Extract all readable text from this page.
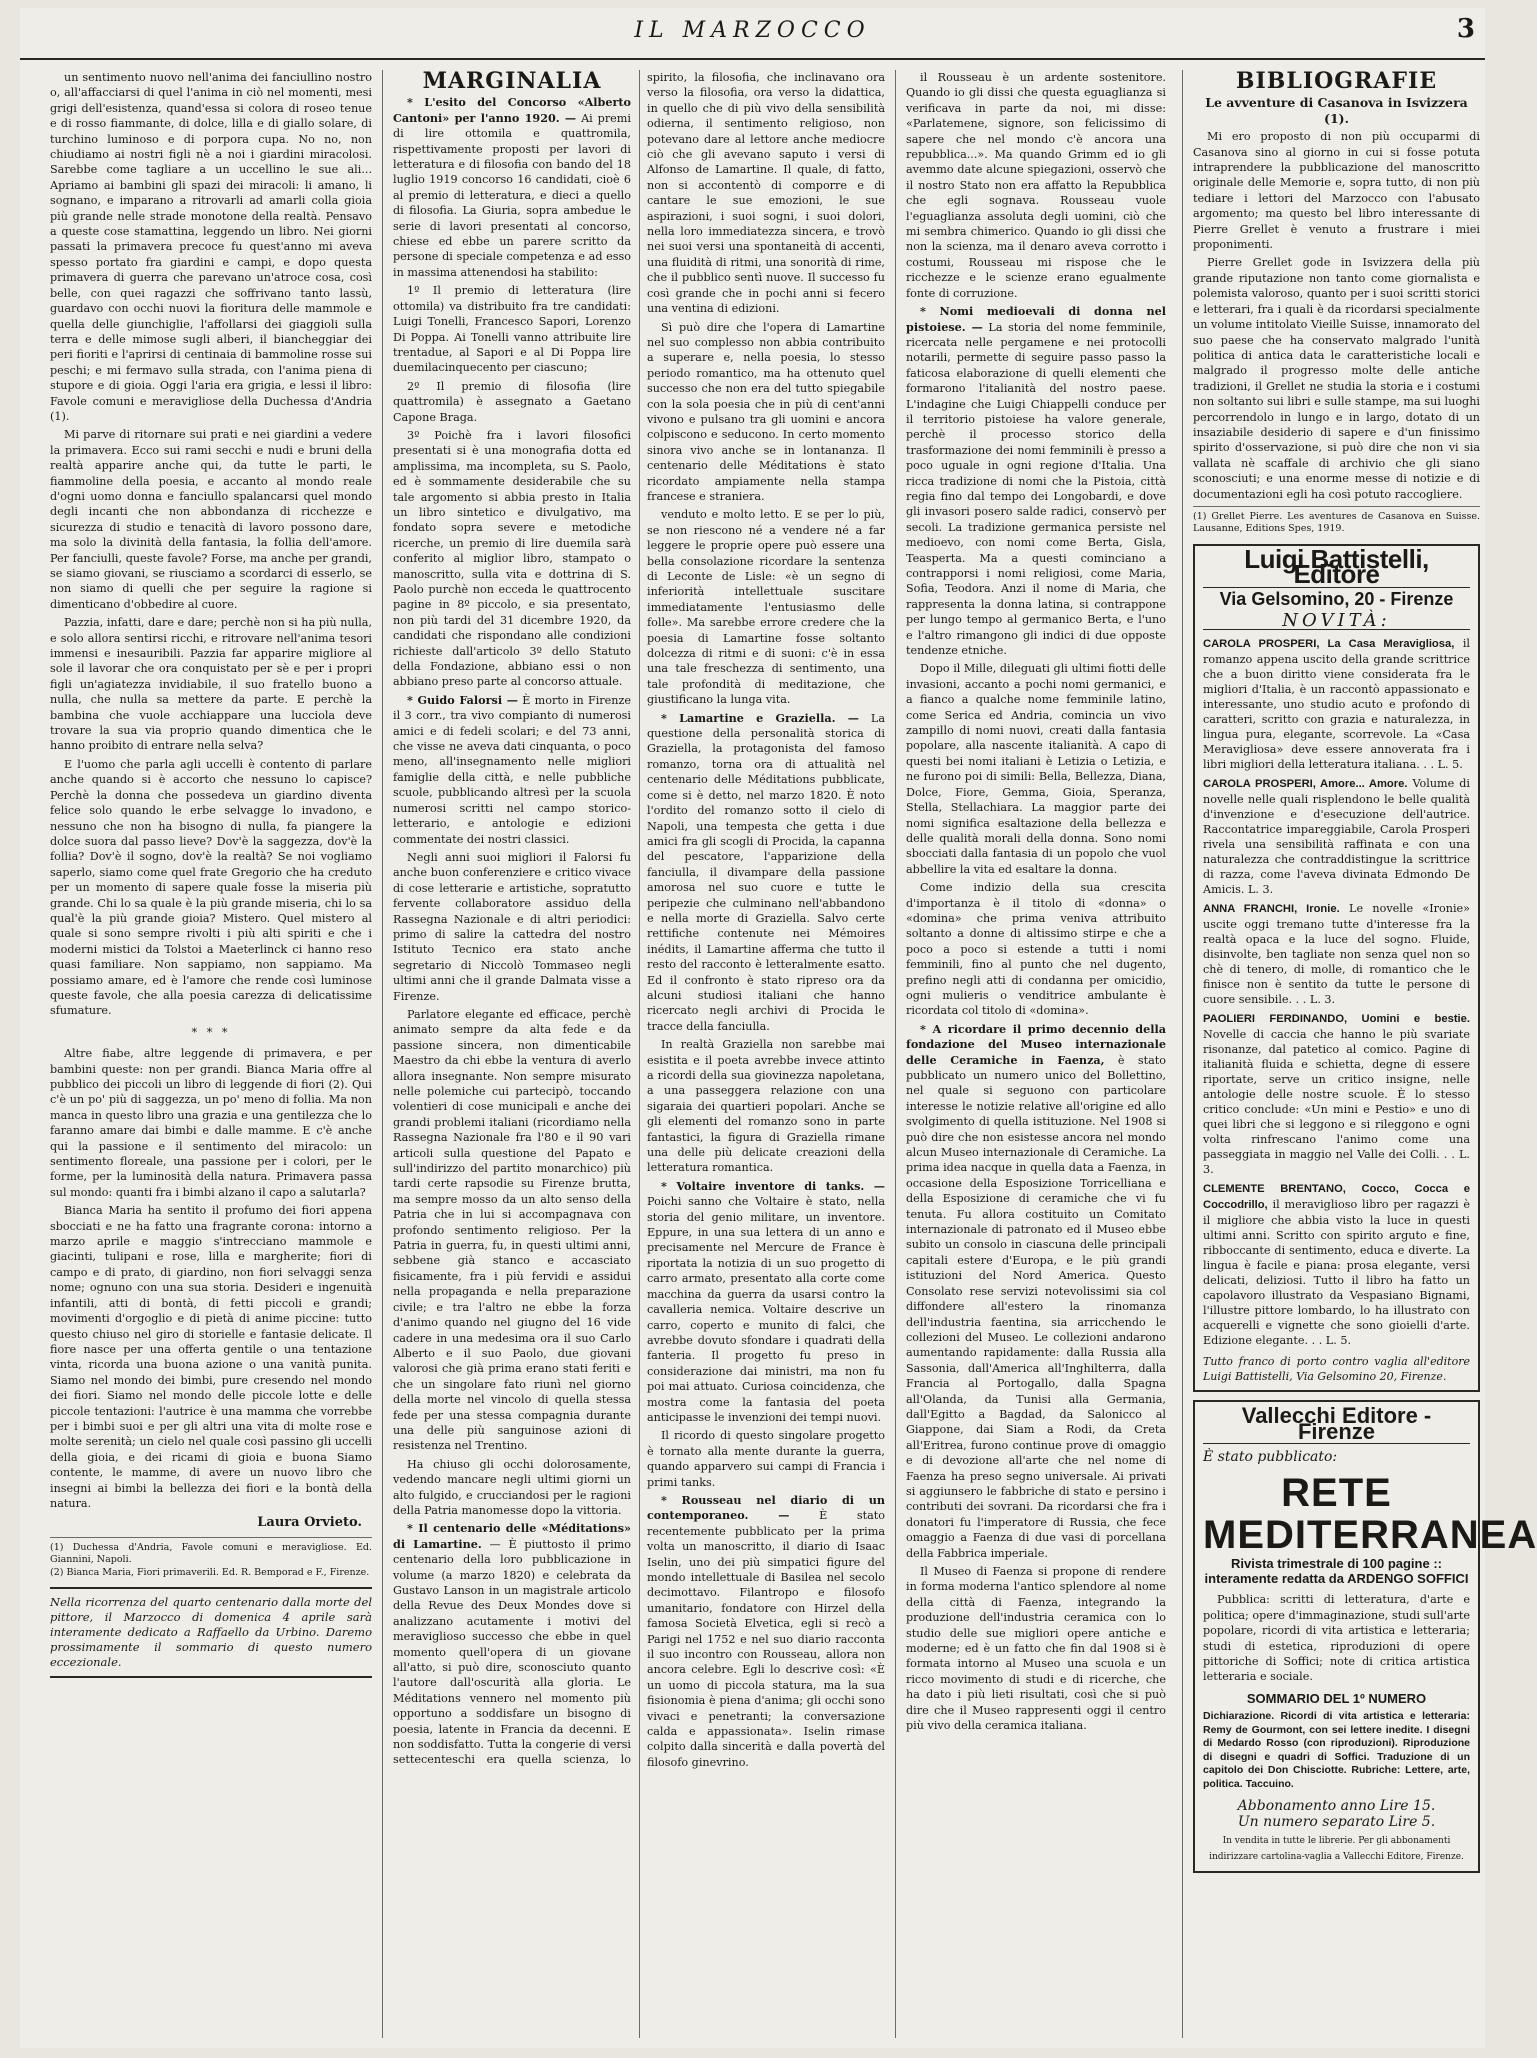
IL MARZOCCO	3

un sentimento nuovo nell'anima dei fanciullino nostro o, all'affacciarsi di quel l'anima in ciò nel momenti, mesi grigi dell'esistenza, quand'essa si colora di roseo tenue e di rosso fiammante, di dolce, lilla e di giallo solare, di turchino luminoso e di porpora cupa. No no, non chiudiamo ai nostri figli nè a noi i giardini miracolosi. Sarebbe come tagliare a un uccellino le sue ali... Apriamo ai bambini gli spazi dei miracoli: li amano, li sognano, e imparano a ritrovarli ad amarli colla gioia più grande nelle strade monotone della realtà. Pensavo a queste cose stamattina, leggendo un libro. Nei giorni passati la primavera precoce fu quest'anno mi aveva spesso portato fra giardini e campi, e dopo questa primavera di guerra che parevano un'atroce cosa, così belle, con quei ragazzi che soffrivano tanto lassù, guardavo con occhi nuovi la fioritura delle mammole e quella delle giunchiglie, l'affollarsi dei giaggioli sulla terra e delle mimose sugli alberi, il biancheggiar dei peri fioriti e l'aprirsi di centinaia di bammoline rosse sui peschi; e mi fermavo sulla strada, con l'anima piena di stupore e di gioia. Oggi l'aria era grigia, e lessi il libro: Favole comuni e meravigliose della Duchessa d'Andria (1).

Mi parve di ritornare sui prati e nei giardini a vedere la primavera. Ecco sui rami secchi e nudi e bruni della realtà apparire anche qui, da tutte le parti, le fiammoline della poesia, e accanto al mondo reale d'ogni uomo donna e fanciullo spalancarsi quel mondo degli incanti che non abbondanza di ricchezze e sicurezza di studio e tenacità di lavoro possono dare, ma solo la divinità della fantasia, la follia dell'amore. Per fanciulli, queste favole? Forse, ma anche per grandi, se siamo giovani, se riusciamo a scordarci di esserlo, se non siamo di quelli che per seguire la ragione si dimenticano d'obbedire al cuore.

Pazzia, infatti, dare e dare; perchè non si ha più nulla, e solo allora sentirsi ricchi, e ritrovare nell'anima tesori immensi e inesauribili. Pazzia far apparire migliore al sole il lavorar che ora conquistato per sè e per i propri figli un'agiatezza invidiabile, il suo fratello buono a nulla, che nulla sa mettere da parte. E perchè la bambina che vuole acchiappare una lucciola deve trovare la sua via proprio quando dimentica che le hanno proibito di entrare nella selva?

E l'uomo che parla agli uccelli è contento di parlare anche quando si è accorto che nessuno lo capisce? Perchè la donna che possedeva un giardino diventa felice solo quando le erbe selvagge lo invadono, e nessuno che non ha bisogno di nulla, fa piangere la dolce suora dal passo lieve? Dov'è la saggezza, dov'è la follia? Dov'è il sogno, dov'è la realtà? Se noi vogliamo saperlo, siamo come quel frate Gregorio che ha creduto per un momento di sapere quale fosse la miseria più grande. Chi lo sa quale è la più grande miseria, chi lo sa qual'è la più grande gioia? Mistero. Quel mistero al quale si sono sempre rivolti i più alti spiriti e che i moderni mistici da Tolstoi a Maeterlinck ci hanno reso quasi familiare. Non sappiamo, non sappiamo. Ma possiamo amare, ed è l'amore che rende così luminose queste favole, che alla poesia carezza di delicatissime sfumature.

* * *

Altre fiabe, altre leggende di primavera, e per bambini queste: non per grandi. Bianca Maria offre al pubblico dei piccoli un libro di leggende di fiori (2). Qui c'è un po' più di saggezza, un po' meno di follia. Ma non manca in questo libro una grazia e una gentilezza che lo faranno amare dai bimbi e dalle mamme. E c'è anche qui la passione e il sentimento del miracolo: un sentimento floreale, una passione per i colori, per le forme, per la luminosità della natura. Primavera passa sul mondo: quanti fra i bimbi alzano il capo a salutarla?

Bianca Maria ha sentito il profumo dei fiori appena sbocciati e ne ha fatto una fragrante corona: intorno a marzo aprile e maggio s'intrecciano mammole e giacinti, tulipani e rose, lilla e margherite; fiori di campo e di prato, di giardino, non fiori selvaggi senza nome; ognuno con una sua storia. Desideri e ingenuità infantili, atti di bontà, di fetti piccoli e grandi; movimenti d'orgoglio e di pietà di anime piccine: tutto questo chiuso nel giro di storielle e fantasie delicate. Il fiore nasce per una offerta gentile o una tentazione vinta, ricorda una buona azione o una vanità punita. Siamo nel mondo dei bimbi, pure cresendo nel mondo dei fiori. Siamo nel mondo delle piccole lotte e delle piccole tentazioni: l'autrice è una mamma che vorrebbe per i bimbi suoi e per gli altri una vita di molte rose e molte serenità; un cielo nel quale così passino gli uccelli della gioia, e dei ricami di gioia e buona Siamo contente, le mamme, di avere un nuovo libro che insegni ai bimbi la bellezza dei fiori e la bontà della natura.

Laura Orvieto.
(1) Duchessa d'Andria, Favole comuni e meravigliose. Ed. Giannini, Napoli.
(2) Bianca Maria, Fiori primaverili. Ed. R. Bemporad e F., Firenze.
Nella ricorrenza del quarto centenario dalla morte del pittore, il Marzocco di domenica 4 aprile sarà interamente dedicato a Raffaello da Urbino. Daremo prossimamente il sommario di questo numero eccezionale.
MARGINALIA

* L'esito del Concorso «Alberto Cantoni» per l'anno 1920. — Ai premi di lire ottomila e quattromila, rispettivamente proposti per lavori di letteratura e di filosofia con bando del 18 luglio 1919 concorso 16 candidati, cioè 6 al premio di letteratura, e dieci a quello di filosofia. La Giuria, sopra ambedue le serie di lavori presentati al concorso, chiese ed ebbe un parere scritto da persone di speciale competenza e ad esso in massima attenendosi ha stabilito:

1º Il premio di letteratura (lire ottomila) va distribuito fra tre candidati: Luigi Tonelli, Francesco Sapori, Lorenzo Di Poppa. Ai Tonelli vanno attribuite lire trentadue, al Sapori e al Di Poppa lire duemilacinquecento per ciascuno;

2º Il premio di filosofia (lire quattromila) è assegnato a Gaetano Capone Braga.

3º Poichè fra i lavori filosofici presentati si è una monografia dotta ed amplissima, ma incompleta, su S. Paolo, ed è sommamente desiderabile che su tale argomento si abbia presto in Italia un libro sintetico e divulgativo, ma fondato sopra severe e metodiche ricerche, un premio di lire duemila sarà conferito al miglior libro, stampato o manoscritto, sulla vita e dottrina di S. Paolo purchè non ecceda le quattrocento pagine in 8º piccolo, e sia presentato, non più tardi del 31 dicembre 1920, da candidati che rispondano alle condizioni richieste dall'articolo 3º dello Statuto della Fondazione, abbiano essi o non abbiano preso parte al concorso attuale.

* Guido Falorsi — È morto in Firenze il 3 corr., tra vivo compianto di numerosi amici e di fedeli scolari; e del 73 anni, che visse ne aveva dati cinquanta, o poco meno, all'insegnamento nelle migliori famiglie della città, e nelle pubbliche scuole, pubblicando altresì per la scuola numerosi scritti nel campo storico-letterario, e antologie e edizioni commentate dei nostri classici.

Negli anni suoi migliori il Falorsi fu anche buon conferenziere e critico vivace di cose letterarie e artistiche, sopratutto fervente collaboratore assiduo della Rassegna Nazionale e di altri periodici: primo di salire la cattedra del nostro Istituto Tecnico era stato anche segretario di Niccolò Tommaseo negli ultimi anni che il grande Dalmata visse a Firenze.

Parlatore elegante ed efficace, perchè animato sempre da alta fede e da passione sincera, non dimenticabile Maestro da chi ebbe la ventura di averlo allora insegnante. Non sempre misurato nelle polemiche cui partecipò, toccando volentieri di cose municipali e anche dei grandi problemi italiani (ricordiamo nella Rassegna Nazionale fra l'80 e il 90 vari articoli sulla questione del Papato e sull'indirizzo del partito monarchico) più tardi certe rapsodie su Firenze brutta, ma sempre mosso da un alto senso della Patria che in lui si accompagnava con profondo sentimento religioso. Per la Patria in guerra, fu, in questi ultimi anni, sebbene già stanco e accasciato fisicamente, fra i più fervidi e assidui nella propaganda e nella preparazione civile; e tra l'altro ne ebbe la forza d'animo quando nel giugno del 16 vide cadere in una medesima ora il suo Carlo Alberto e il suo Paolo, due giovani valorosi che già prima erano stati feriti e che un singolare fato riunì nel giorno della morte nel vincolo di quella stessa fede per una stessa compagnia durante una delle più sanguinose azioni di resistenza nel Trentino.

Ha chiuso gli occhi dolorosamente, vedendo mancare negli ultimi giorni un alto fulgido, e crucciandosi per le ragioni della Patria manomesse dopo la vittoria.

* Il centenario delle «Méditations» di Lamartine. — È piuttosto il primo centenario della loro pubblicazione in volume (a marzo 1820) e celebrata da Gustavo Lanson in un magistrale articolo della Revue des Deux Mondes dove si analizzano acutamente i motivi del meraviglioso successo che ebbe in quel momento quell'opera di un giovane all'atto, si può dire, sconosciuto quanto l'autore dall'oscurità alla gloria. Le Méditations vennero nel momento più opportuno a soddisfare un bisogno di poesia, latente in Francia da decenni. E non soddisfatto. Tutta la congerie di versi settecenteschi era quella scienza, lo spirito, la filosofia, che inclinavano ora verso la filosofia, ora verso la didattica, in quello che di più vivo della sensibilità odierna, il sentimento religioso, non potevano dare al lettore anche mediocre ciò che gli avevano saputo i versi di Alfonso de Lamartine. Il quale, di fatto, non si accontentò di comporre e di cantare le sue emozioni, le sue aspirazioni, i suoi sogni, i suoi dolori, nella loro immediatezza sincera, e trovò nei suoi versi una spontaneità di accenti, una fluidità di ritmi, una sonorità di rime, che il pubblico sentì nuove. Il successo fu così grande che in pochi anni si fecero una ventina di edizioni.

Sì può dire che l'opera di Lamartine nel suo complesso non abbia contribuito a superare e, nella poesia, lo stesso periodo romantico, ma ha ottenuto quel successo che non era del tutto spiegabile con la sola poesia che in più di cent'anni vivono e pulsano tra gli uomini e ancora colpiscono e seducono. In certo momento sinora vivo anche se in lontananza. Il centenario delle Méditations è stato ricordato ampiamente nella stampa francese e straniera.

venduto e molto letto. E se per lo più, se non riescono né a vendere né a far leggere le proprie opere può essere una bella consolazione ricordare la sentenza di Leconte de Lisle: «è un segno di inferiorità intellettuale suscitare immediatamente l'entusiasmo delle folle». Ma sarebbe errore credere che la poesia di Lamartine fosse soltanto dolcezza di ritmi e di suoni: c'è in essa una tale freschezza di sentimento, una tale profondità di meditazione, che giustificano la lunga vita.

* Lamartine e Graziella. — La questione della personalità storica di Graziella, la protagonista del famoso romanzo, torna ora di attualità nel centenario delle Méditations pubblicate, come si è detto, nel marzo 1820. È noto l'ordito del romanzo sotto il cielo di Napoli, una tempesta che getta i due amici fra gli scogli di Procida, la capanna del pescatore, l'apparizione della fanciulla, il divampare della passione amorosa nel suo cuore e tutte le peripezie che culminano nell'abbandono e nella morte di Graziella. Salvo certe rettifiche contenute nei Mémoires inédits, il Lamartine afferma che tutto il resto del racconto è letteralmente esatto. Ed il confronto è stato ripreso ora da alcuni studiosi italiani che hanno ricercato negli archivi di Procida le tracce della fanciulla.

In realtà Graziella non sarebbe mai esistita e il poeta avrebbe invece attinto a ricordi della sua giovinezza napoletana, a una passeggera relazione con una sigaraia dei quartieri popolari. Anche se gli elementi del romanzo sono in parte fantastici, la figura di Graziella rimane una delle più delicate creazioni della letteratura romantica.

* Voltaire inventore di tanks. — Poichi sanno che Voltaire è stato, nella storia del genio militare, un inventore. Eppure, in una sua lettera di un anno e precisamente nel Mercure de France è riportata la notizia di un suo progetto di carro armato, presentato alla corte come macchina da guerra da usarsi contro la cavalleria nemica. Voltaire descrive un carro, coperto e munito di falci, che avrebbe dovuto sfondare i quadrati della fanteria. Il progetto fu preso in considerazione dai ministri, ma non fu poi mai attuato. Curiosa coincidenza, che mostra come la fantasia del poeta anticipasse le invenzioni dei tempi nuovi.

Il ricordo di questo singolare progetto è tornato alla mente durante la guerra, quando apparvero sui campi di Francia i primi tanks.

* Rousseau nel diario di un contemporaneo. —	È stato recentemente pubblicato per la prima volta un manoscritto, il diario di Isaac Iselin, uno dei più simpatici figure del mondo intellettuale di Basilea nel secolo decimottavo. Filantropo e filosofo umanitario, fondatore con Hirzel della famosa Società Elvetica, egli si recò a Parigi nel 1752 e nel suo diario racconta il suo incontro con Rousseau, allora non ancora celebre. Egli lo descrive così: «È un uomo di piccola statura, ma la sua fisionomia è piena d'anima; gli occhi sono vivaci e penetranti; la conversazione calda e appassionata». Iselin rimase colpito dalla sincerità e dalla povertà del filosofo ginevrino.

il Rousseau è un ardente sostenitore. Quando io gli dissi che questa eguaglianza si verificava in parte da noi, mi disse: «Parlatemene, signore, son felicissimo di sapere che nel mondo c'è ancora una repubblica...». Ma quando Grimm ed io gli avemmo date alcune spiegazioni, osservò che il nostro Stato non era affatto la Repubblica che egli sognava. Rousseau vuole l'eguaglianza assoluta degli uomini, ciò che mi sembra chimerico. Quando io gli dissi che non la scienza, ma il denaro aveva corrotto i costumi, Rousseau mi rispose che le ricchezze e le scienze erano egualmente fonte di corruzione.

* Nomi medioevali di donna nel pistoiese. — La storia del nome femminile, ricercata nelle pergamene e nei protocolli notarili, permette di seguire passo passo la faticosa elaborazione di quelli elementi che formarono l'italianità del nostro paese. L'indagine che Luigi Chiappelli conduce per il territorio pistoiese ha valore generale, perchè il processo storico della trasformazione dei nomi femminili è presso a poco uguale in ogni regione d'Italia. Una ricca tradizione di nomi che la Pistoia, città regia fino dal tempo dei Longobardi, e dove gli invasori posero salde radici, conservò per secoli. La tradizione germanica persiste nel medioevo, con nomi come Berta, Gisla, Teasperta. Ma a questi cominciano a contrapporsi i nomi religiosi, come Maria, Sofia, Teodora. Anzi il nome di Maria, che rappresenta la donna latina, si contrappone per lungo tempo al germanico Berta, e l'uno e l'altro rimangono gli indici di due opposte tendenze etniche.

Dopo il Mille, dileguati gli ultimi fiotti delle invasioni, accanto a pochi nomi germanici, e a fianco a qualche nome femminile latino, come Serica ed Andria, comincia un vivo zampillo di nomi nuovi, creati dalla fantasia popolare, alla nascente italianità. A capo di questi bei nomi italiani è Letizia o Letizia, e ne furono poi di simili: Bella, Bellezza, Diana, Dolce, Fiore, Gemma, Gioia, Speranza, Stella, Stellachiara. La maggior parte dei nomi significa esaltazione della bellezza e delle qualità morali della donna. Sono nomi sbocciati dalla fantasia di un popolo che vuol abbellire la vita ed esaltare la donna.

Come indizio della sua crescita d'importanza è il titolo di «donna» o «domina» che prima veniva attribuito soltanto a donne di altissimo stirpe e che a poco a poco si estende a tutti i nomi femminili, fino al punto che nel dugento, prefino negli atti di condanna per omicidio, ogni mulieris o venditrice ambulante è ricordata col titolo di «domina».

* A ricordare il primo decennio della fondazione del Museo internazionale delle Ceramiche in Faenza, è stato pubblicato un numero unico del Bollettino, nel quale si seguono con particolare interesse le notizie relative all'origine ed allo svolgimento di quella istituzione. Nel 1908 si può dire che non esistesse ancora nel mondo alcun Museo internazionale di Ceramiche. La prima idea nacque in quella data a Faenza, in occasione della Esposizione Torricelliana e della Esposizione di ceramiche che vi fu tenuta. Fu allora costituito un Comitato internazionale di patronato ed il Museo ebbe subito un consolo in ciascuna delle principali capitali estere d'Europa, e le più grandi istituzioni del Nord America. Questo Consolato rese servizi notevolissimi sia col diffondere all'estero la rinomanza dell'industria faentina, sia arricchendo le collezioni del Museo. Le collezioni andarono aumentando rapidamente: dalla Russia alla Sassonia, dall'America all'Inghilterra, dalla Francia al Portogallo, dalla Spagna all'Olanda, da Tunisi alla Germania, dall'Egitto a Bagdad, da Salonicco al Giappone, dai Siam a Rodi, da Creta all'Eritrea, furono continue prove di omaggio e di devozione all'arte che nel nome di Faenza ha preso segno universale. Ai privati si aggiunsero le fabbriche di stato e persino i contributi dei sovrani. Da ricordarsi che fra i donatori fu l'imperatore di Russia, che fece omaggio a Faenza di due vasi di porcellana della Fabbrica imperiale.

Il Museo di Faenza si propone di rendere in forma moderna l'antico splendore al nome della città di Faenza, integrando la produzione dell'industria ceramica con lo studio delle sue migliori opere antiche e moderne; ed è un fatto che fin dal 1908 si è formata intorno al Museo una scuola e un ricco movimento di studi e di ricerche, che ha dato i più lieti risultati, così che si può dire che il Museo rappresenti oggi il centro più vivo della ceramica italiana.

BIBLIOGRAFIE
Le avventure di Casanova in Isvizzera (1).

Mi ero proposto di non più occuparmi di Casanova sino al giorno in cui si fosse potuta intraprendere la pubblicazione del manoscritto originale delle Memorie e, sopra tutto, di non più tediare i lettori del Marzocco con l'abusato argomento; ma questo bel libro interessante di Pierre Grellet è venuto a frustrare i miei proponimenti.

Pierre Grellet gode in Isvizzera della più grande riputazione non tanto come giornalista e polemista valoroso, quanto per i suoi scritti storici e letterari, fra i quali è da ricordarsi specialmente un volume intitolato Vieille Suisse, innamorato del suo paese che ha conservato malgrado l'unità politica di antica data le caratteristiche locali e malgrado il progresso molte delle antiche tradizioni, il Grellet ne studia la storia e i costumi non soltanto sui libri e sulle stampe, ma sui luoghi percorrendolo in lungo e in largo, dotato di un insaziabile desiderio di sapere e d'un finissimo spirito d'osservazione, si può dire che non vi sia vallata nè scaffale di archivio che gli siano sconosciuti; e una enorme messe di notizie e di documentazioni egli ha così potuto raccogliere.

(1) Grellet Pierre. Les aventures de Casanova en Suisse. Lausanne, Editions Spes, 1919.
Luigi Battistelli, Editore
Via Gelsomino, 20 - Firenze
NOVITÀ:
CAROLA PROSPERI, La Casa Meravigliosa, il romanzo appena uscito della grande scrittrice che a buon diritto viene considerata fra le migliori d'Italia, è un raccontò appassionato e interessante, uno studio acuto e profondo di caratteri, scritto con grazia e naturalezza, in lingua pura, elegante, scorrevole. La «Casa Meravigliosa» deve essere annoverata fra i libri migliori della letteratura italiana. . . L. 5.
CAROLA PROSPERI, Amore... Amore. Volume di novelle nelle quali risplendono le belle qualità d'invenzione e d'esecuzione dell'autrice. Raccontatrice impareggiabile, Carola Prosperi rivela una sensibilità raffinata e con una naturalezza che contraddistingue la scrittrice di razza, come l'aveva divinata Edmondo De Amicis. L. 3.
ANNA FRANCHI, Ironie. Le novelle «Ironie» uscite oggi tremano tutte d'interesse fra la realtà opaca e la luce del sogno. Fluide, disinvolte, ben tagliate non senza quel non so chè di tenero, di molle, di romantico che le finisce non è sentito da tutte le persone di cuore sensibile. . . L. 3.
PAOLIERI FERDINANDO, Uomini e bestie. Novelle di caccia che hanno le più svariate risonanze, dal patetico al comico. Pagine di italianità fluida e schietta, degne di essere riportate, serve un critico insigne, nelle antologie delle nostre scuole. È lo stesso critico conclude: «Un mini e Pestio» e uno di quei libri che si leggono e si rileggono e ogni volta rinfrescano l'animo come una passeggiata in maggio nel Valle dei Colli. . . L. 3.
CLEMENTE BRENTANO, Cocco, Cocca e Coccodrillo, il meraviglioso libro per ragazzi è il migliore che abbia visto la luce in questi ultimi anni. Scritto con spirito arguto e fine, ribboccante di sentimento, educa e diverte. La lingua è facile e piana: prosa elegante, versi delicati, deliziosi. Tutto il libro ha fatto un capolavoro illustrato da Vespasiano Bignami, l'illustre pittore lombardo, lo ha illustrato con acquerelli e vignette che sono gioielli d'arte. Edizione elegante. . . L. 5.
Tutto franco di porto contro vaglia all'editore Luigi Battistelli, Via Gelsomino 20, Firenze.
Vallecchi Editore - Firenze
È stato pubblicato:
RETE MEDITERRANEA
Rivista trimestrale di 100 pagine :: interamente redatta da ARDENGO SOFFICI

Pubblica: scritti di letteratura, d'arte e politica; opere d'immaginazione, studi sull'arte popolare, ricordi di vita artistica e letteraria; studi di estetica, riproduzioni di opere pittoriche di Soffici; note di critica artistica letteraria e sociale.

SOMMARIO DEL 1º NUMERO
Dichiarazione. Ricordi di vita artistica e letteraria: Remy de Gourmont, con sei lettere inedite. I disegni di Medardo Rosso (con riproduzioni). Riproduzione di disegni e quadri di Soffici. Traduzione di un capitolo dei Don Chisciotte. Rubriche: Lettere, arte, politica. Taccuino.
Abbonamento anno Lire 15.
Un numero separato Lire 5.
In vendita in tutte le librerie. Per gli abbonamenti indirizzare cartolina-vaglia a Vallecchi Editore, Firenze.
